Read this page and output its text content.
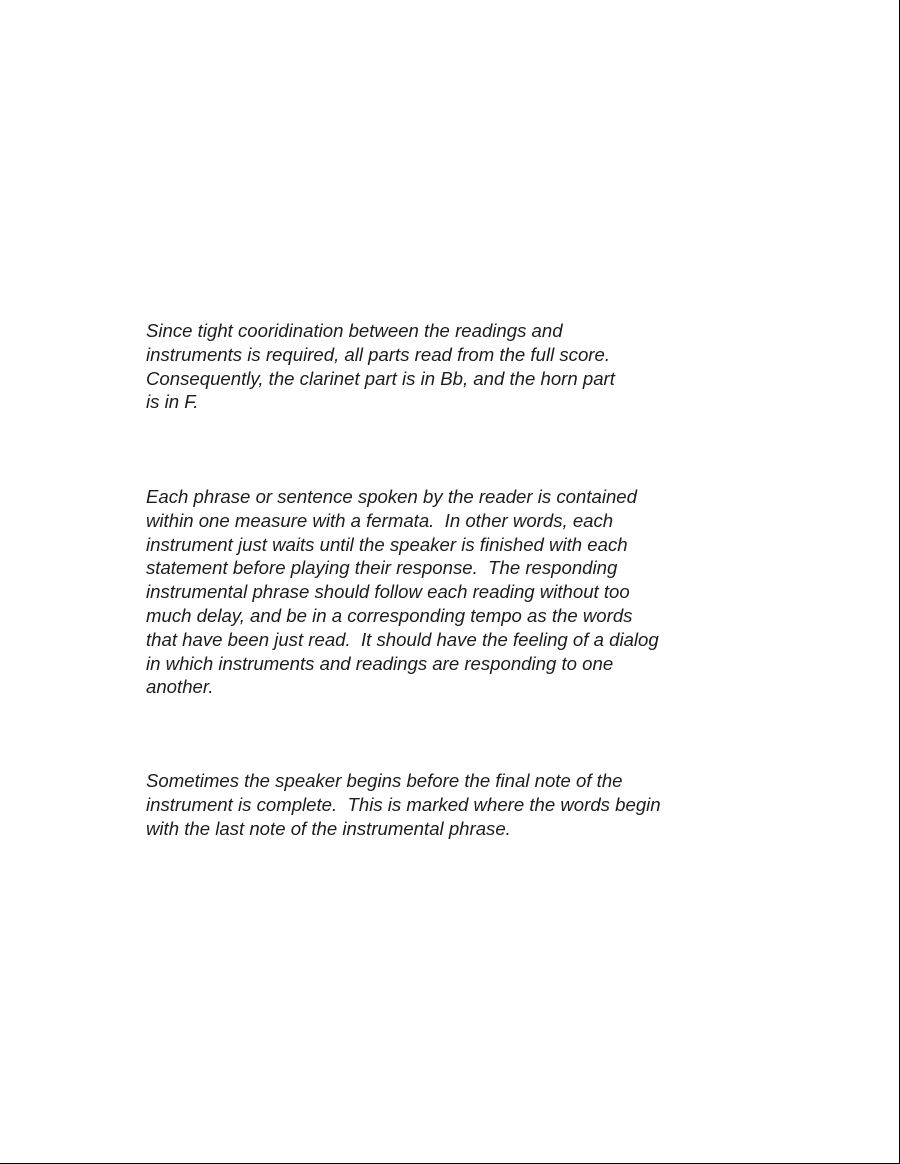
Since tight cooridination between the readings and
instruments is required, all parts read from the full score.
Consequently, the clarinet part is in Bb, and the horn part
is in F.

Each phrase or sentence spoken by the reader is contained
within one measure with a fermata.  In other words, each
instrument just waits until the speaker is finished with each
statement before playing their response.  The responding
instrumental phrase should follow each reading without too
much delay, and be in a corresponding tempo as the words
that have been just read.  It should have the feeling of a dialog
in which instruments and readings are responding to one
another.

Sometimes the speaker begins before the final note of the
instrument is complete.  This is marked where the words begin
with the last note of the instrumental phrase.
